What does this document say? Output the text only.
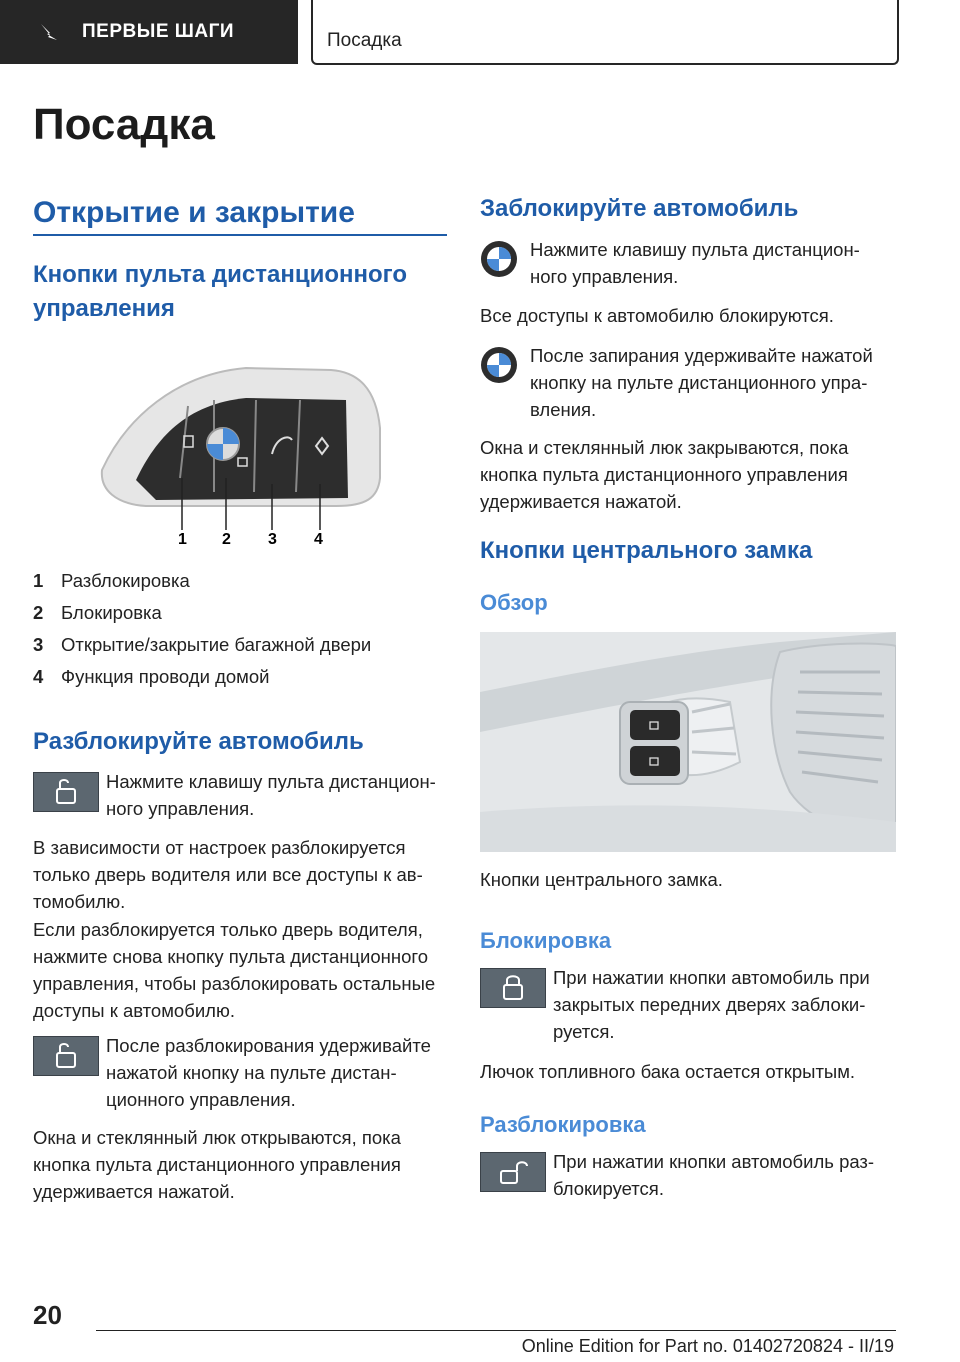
ПЕРВЫЕ ШАГИ	Посадка
Посадка
Открытие и закрытие
Кнопки пульта дистанционного управления
1 2 3 4
1 Разблокировка
2 Блокировка
3 Открытие/закрытие багажной двери
4 Функция проводи домой
Разблокируйте автомобиль

Нажмите клавишу пульта дистанцион-ного управления.

В зависимости от настроек разблокируется только дверь водителя или все доступы к ав-томобилю.

Если разблокируется только дверь водителя, нажмите снова кнопку пульта дистанционного управления, чтобы разблокировать остальные доступы к автомобилю.

После разблокирования удерживайте нажатой кнопку на пульте дистан-ционного управления.

Окна и стеклянный люк открываются, пока кнопка пульта дистанционного управления удерживается нажатой.

Заблокируйте автомобиль

Нажмите клавишу пульта дистанцион-ного управления.

Все доступы к автомобилю блокируются.

После запирания удерживайте нажатой кнопку на пульте дистанционного упра-вления.

Окна и стеклянный люк закрываются, пока кнопка пульта дистанционного управления удерживается нажатой.

Кнопки центрального замка
Обзор

Кнопки центрального замка.

Блокировка

При нажатии кнопки автомобиль при закрытых передних дверях заблоки-руется.

Лючок топливного бака остается открытым.

Разблокировка

При нажатии кнопки автомобиль раз-блокируется.

20
Online Edition for Part no. 01402720824 - II/19
